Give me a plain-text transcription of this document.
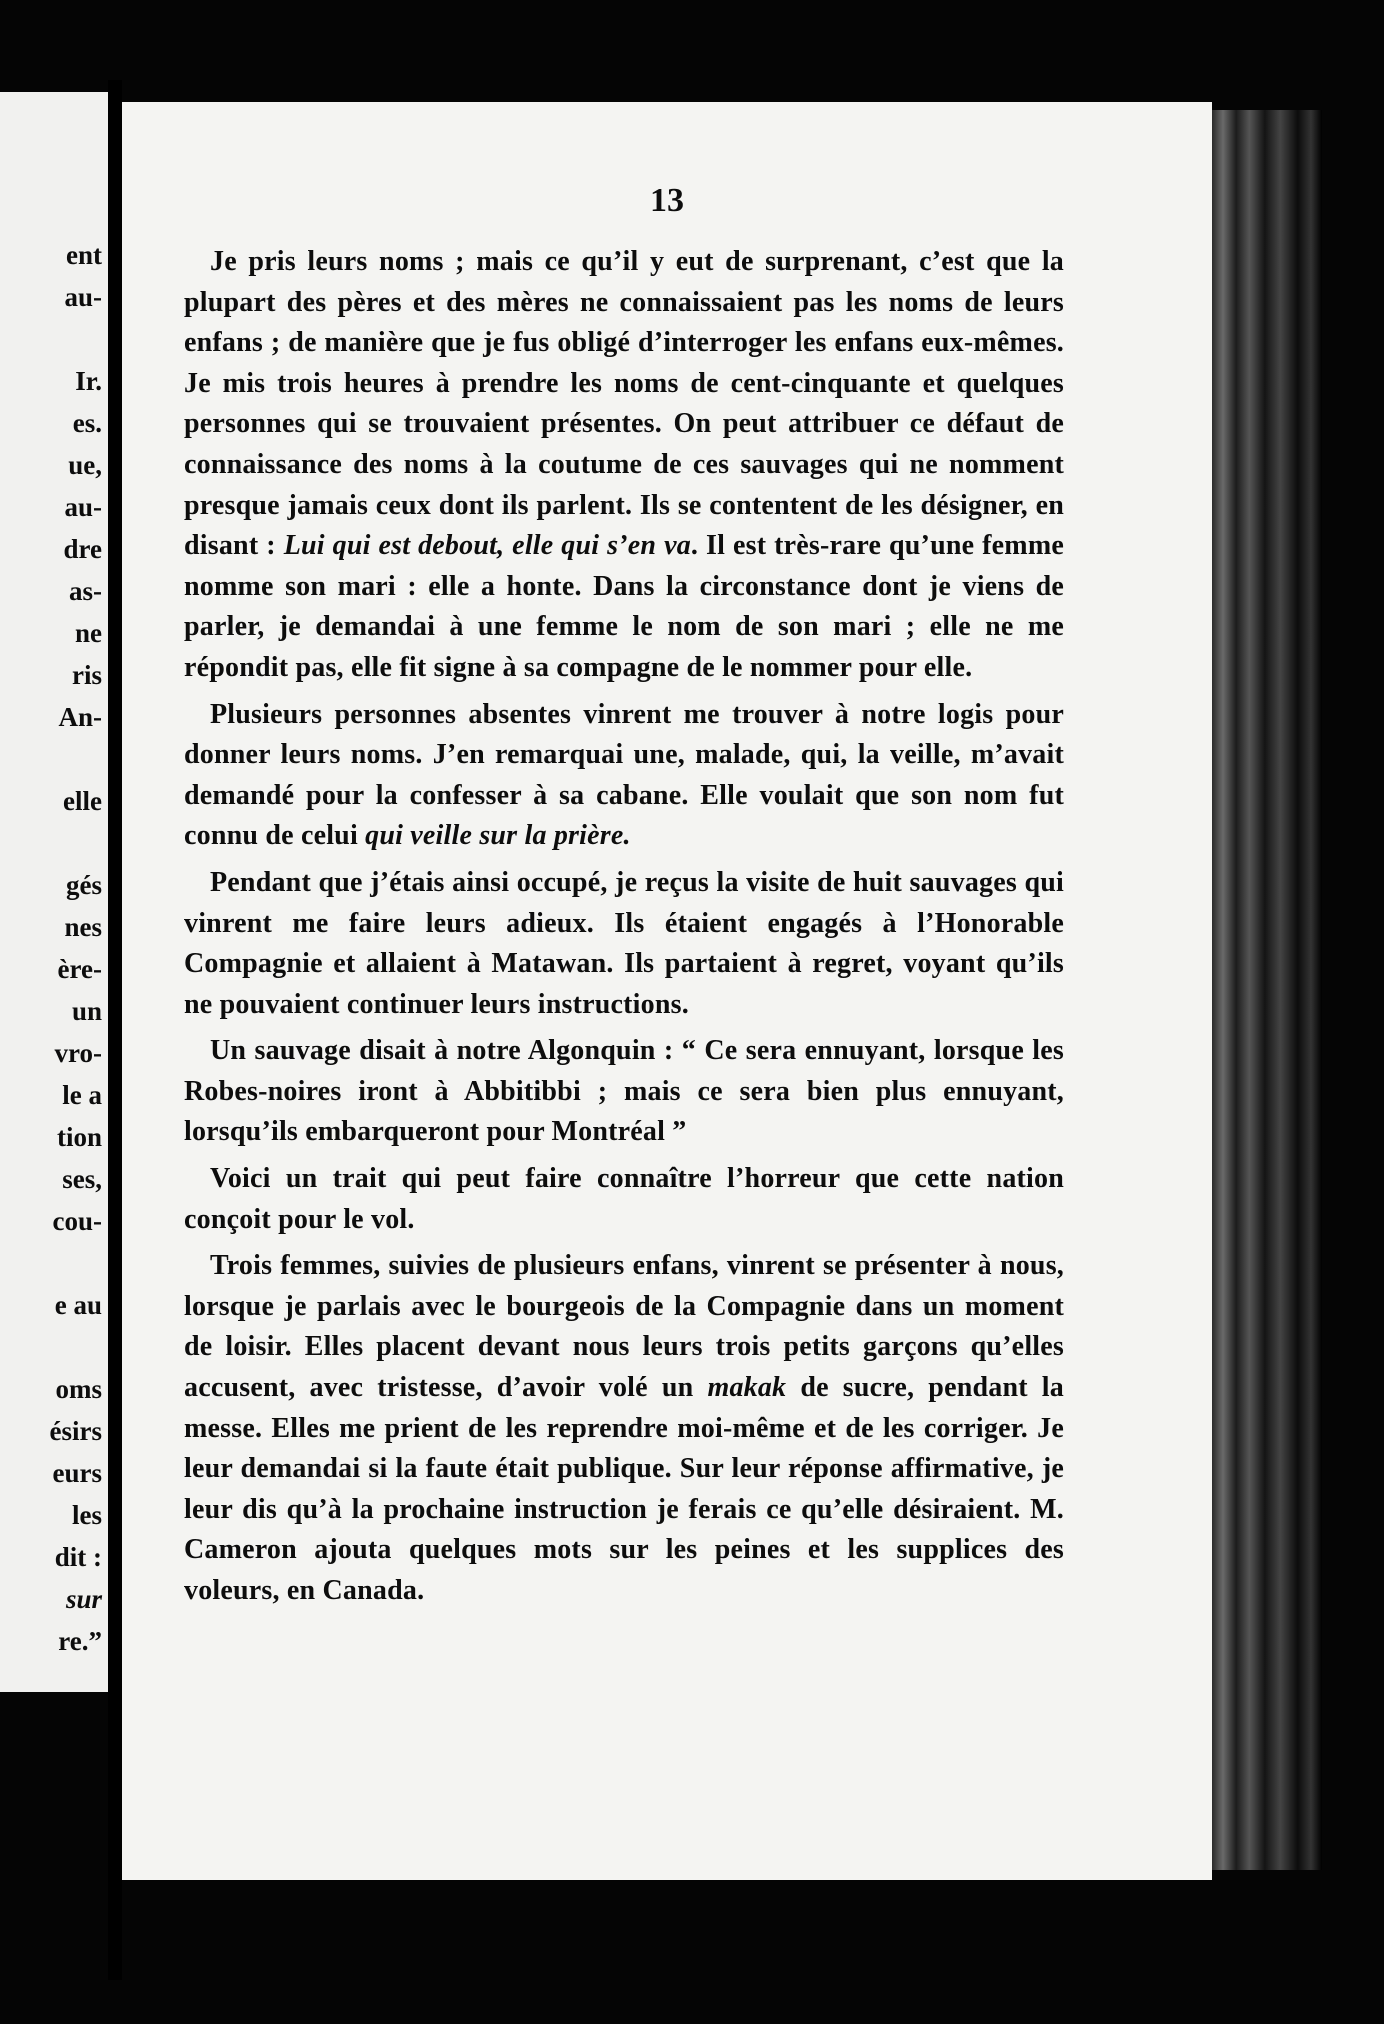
ent
au-
Ir.
es.
ue,
au-
dre
as-
ne
ris
An-
elle
gés
nes
ère-
un
vro-
le a
tion
ses,
cou-
e au
oms
ésirs
eurs
les
dit :
sur
re.”
13

Je pris leurs noms ; mais ce qu’il y eut de surprenant, c’est que la plupart des pères et des mères ne connaissaient pas les noms de leurs enfans ; de manière que je fus obligé d’interroger les enfans eux-mêmes. Je mis trois heures à prendre les noms de cent-cinquante et quelques personnes qui se trouvaient présentes. On peut attribuer ce défaut de connaissance des noms à la coutume de ces sauvages qui ne nomment presque jamais ceux dont ils parlent. Ils se contentent de les désigner, en disant : Lui qui est debout, elle qui s’en va. Il est très-rare qu’une femme nomme son mari : elle a honte. Dans la circonstance dont je viens de parler, je demandai à une femme le nom de son mari ; elle ne me répondit pas, elle fit signe à sa compagne de le nommer pour elle.

Plusieurs personnes absentes vinrent me trouver à notre logis pour donner leurs noms. J’en remarquai une, malade, qui, la veille, m’avait demandé pour la confesser à sa cabane. Elle voulait que son nom fut connu de celui qui veille sur la prière.

Pendant que j’étais ainsi occupé, je reçus la visite de huit sauvages qui vinrent me faire leurs adieux. Ils étaient engagés à l’Honorable Compagnie et allaient à Matawan. Ils partaient à regret, voyant qu’ils ne pouvaient continuer leurs instructions.

Un sauvage disait à notre Algonquin : “ Ce sera ennuyant, lorsque les Robes-noires iront à Abbitibbi ; mais ce sera bien plus ennuyant, lorsqu’ils embarqueront pour Montréal ”

Voici un trait qui peut faire connaître l’horreur que cette nation conçoit pour le vol.

Trois femmes, suivies de plusieurs enfans, vinrent se présenter à nous, lorsque je parlais avec le bourgeois de la Compagnie dans un moment de loisir. Elles placent devant nous leurs trois petits garçons qu’elles accusent, avec tristesse, d’avoir volé un makak de sucre, pendant la messe. Elles me prient de les reprendre moi-même et de les corriger. Je leur demandai si la faute était publique. Sur leur réponse affirmative, je leur dis qu’à la prochaine instruction je ferais ce qu’elle désiraient. M. Cameron ajouta quelques mots sur les peines et les supplices des voleurs, en Canada.
